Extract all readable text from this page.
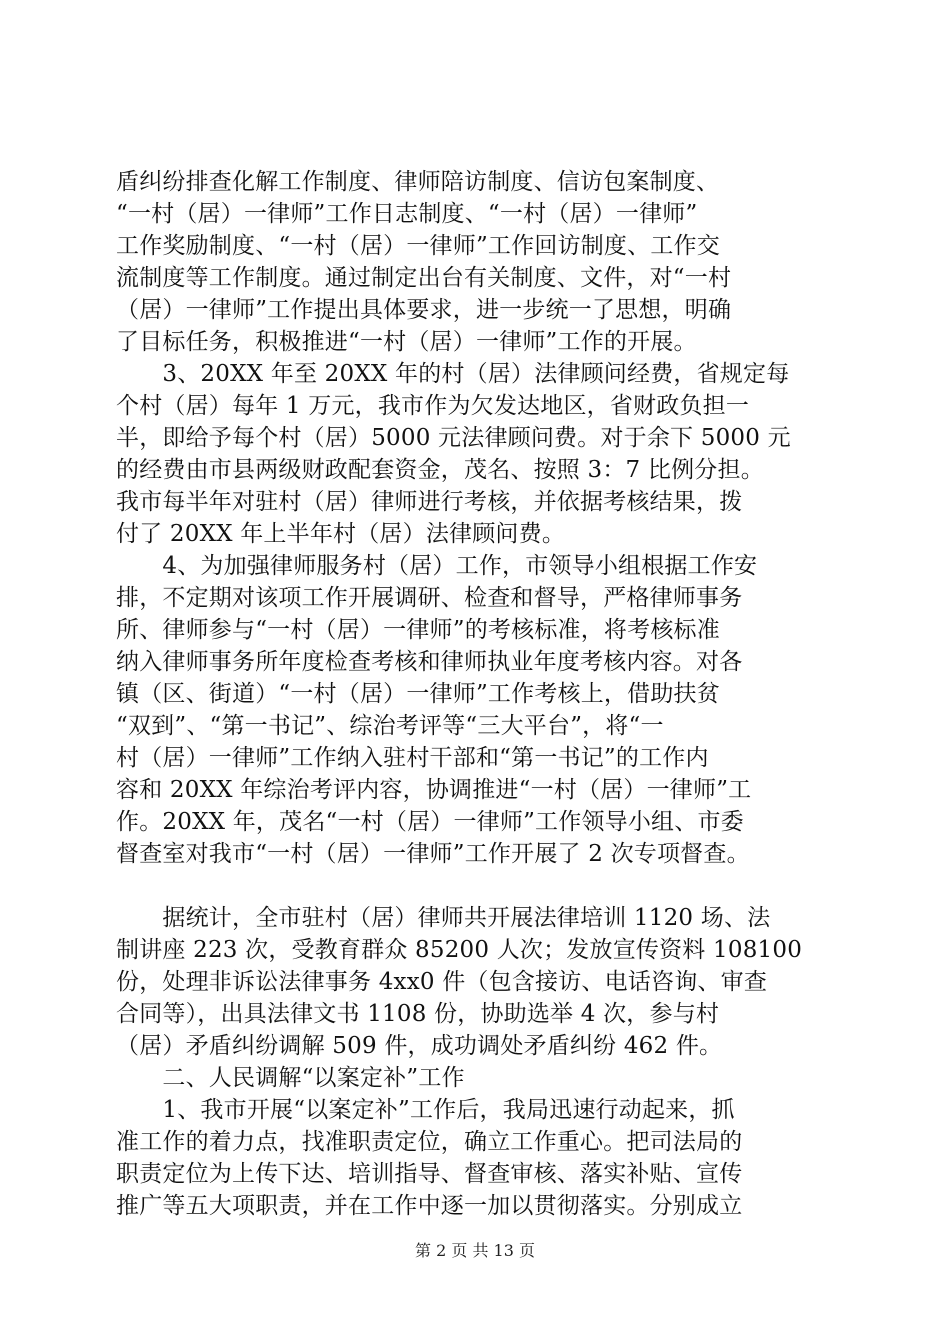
盾纠纷排查化解工作制度、律师陪访制度、信访包案制度、
“一村（居）一律师”工作日志制度、“一村（居）一律师”
工作奖励制度、“一村（居）一律师”工作回访制度、工作交
流制度等工作制度。通过制定出台有关制度、文件，对“一村
（居）一律师”工作提出具体要求，进一步统一了思想，明确
了目标任务，积极推进“一村（居）一律师”工作的开展。
　　3、20XX 年至 20XX 年的村（居）法律顾问经费，省规定每
个村（居）每年 1 万元，我市作为欠发达地区，省财政负担一
半，即给予每个村（居）5000 元法律顾问费。对于余下 5000 元
的经费由市县两级财政配套资金，茂名、按照 3：7 比例分担。
我市每半年对驻村（居）律师进行考核，并依据考核结果，拨
付了 20XX 年上半年村（居）法律顾问费。
　　4、为加强律师服务村（居）工作，市领导小组根据工作安
排，不定期对该项工作开展调研、检查和督导，严格律师事务
所、律师参与“一村（居）一律师”的考核标准，将考核标准
纳入律师事务所年度检查考核和律师执业年度考核内容。对各
镇（区、街道）“一村（居）一律师”工作考核上，借助扶贫
“双到”、“第一书记”、综治考评等“三大平台”，将“一
村（居）一律师”工作纳入驻村干部和“第一书记”的工作内
容和 20XX 年综治考评内容，协调推进“一村（居）一律师”工
作。20XX 年，茂名“一村（居）一律师”工作领导小组、市委
督查室对我市“一村（居）一律师”工作开展了 2 次专项督查。
　　据统计，全市驻村（居）律师共开展法律培训 1120 场、法
制讲座 223 次，受教育群众 85200 人次；发放宣传资料 108100
份，处理非诉讼法律事务 4xx0 件（包含接访、电话咨询、审查
合同等），出具法律文书 1108 份，协助选举 4 次，参与村
（居）矛盾纠纷调解 509 件，成功调处矛盾纠纷 462 件。
　　二、人民调解“以案定补”工作
　　1、我市开展“以案定补”工作后，我局迅速行动起来，抓
准工作的着力点，找准职责定位，确立工作重心。把司法局的
职责定位为上传下达、培训指导、督查审核、落实补贴、宣传
推广等五大项职责，并在工作中逐一加以贯彻落实。分别成立
第 2 页 共 13 页
